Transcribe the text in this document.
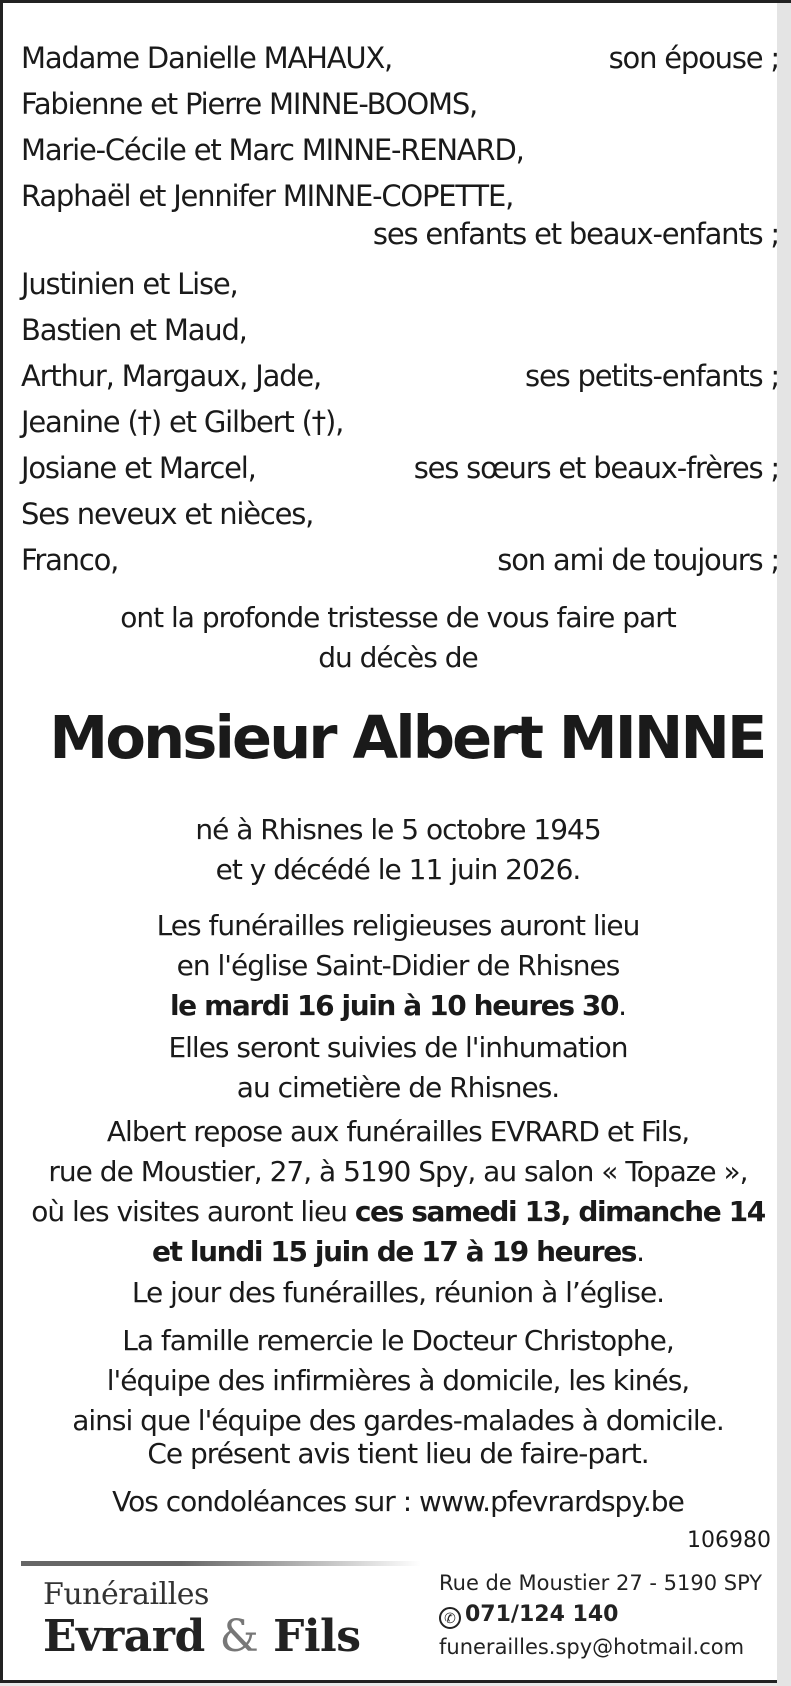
Madame Danielle MAHAUX,	son épouse ;
Fabienne et Pierre MINNE-BOOMS,
Marie-Cécile et Marc MINNE-RENARD,
Raphaël et Jennifer MINNE-COPETTE,
ses enfants et beaux-enfants ;
Justinien et Lise,
Bastien et Maud,
Arthur, Margaux, Jade,	ses petits-enfants ;
Jeanine (†) et Gilbert (†),
Josiane et Marcel,	ses sœurs et beaux-frères ;
Ses neveux et nièces,
Franco,	son ami de toujours ;
ont la profonde tristesse de vous faire part
du décès de
Monsieur Albert MINNE
né à Rhisnes le 5 octobre 1945
et y décédé le 11 juin 2026.
Les funérailles religieuses auront lieu
en l'église Saint-Didier de Rhisnes
le mardi 16 juin à 10 heures 30.
Elles seront suivies de l'inhumation
au cimetière de Rhisnes.
Albert repose aux funérailles EVRARD et Fils,
rue de Moustier, 27, à 5190 Spy, au salon « Topaze »,
où les visites auront lieu ces samedi 13, dimanche 14
et lundi 15 juin de 17 à 19 heures.
Le jour des funérailles, réunion à l’église.
La famille remercie le Docteur Christophe,
l'équipe des infirmières à domicile, les kinés,
ainsi que l'équipe des gardes-malades à domicile.
Ce présent avis tient lieu de faire-part.
Vos condoléances sur : www.pfevrardspy.be
106980
Funérailles
Evrard & Fils
Rue de Moustier 27 - 5190 SPY
✆ 071/124 140
funerailles.spy@hotmail.com
